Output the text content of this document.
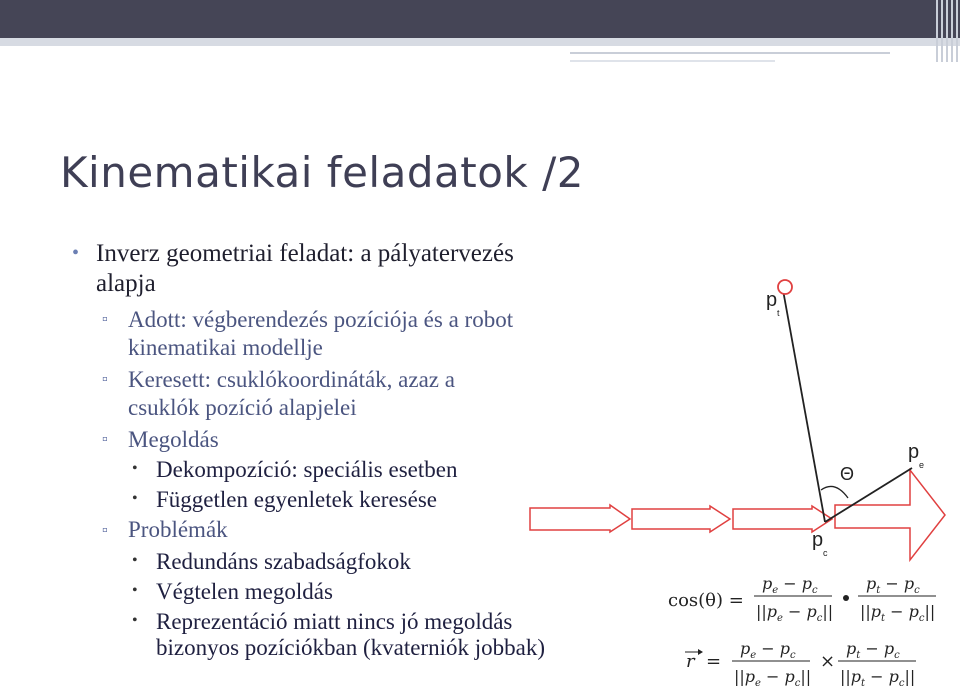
Kinematikai feladatok /2
• Inverz geometriai feladat: a pályatervezés
alapja
▫ Adott: végberendezés pozíciója és a robot
kinematikai modellje
▫ Keresett: csuklókoordináták, azaz a
csuklók pozíció alapjelei
▫ Megoldás
• Dekompozíció: speciális esetben
• Független egyenletek keresése
▫ Problémák
• Redundáns szabadságfokok
• Végtelen megoldás
• Reprezentáció miatt nincs jó megoldás
bizonyos pozíciókban (kvaterniók jobbak)
p
t
p
e
p
c
Θ
cos(θ) =
$p_e - p_c$
$||p_e - p_c||$
$p_t - p_c$
$||p_t - p_c||$
r =
$p_e - p_c$
$||p_e - p_c||$
×
$p_t - p_c$
$||p_t - p_c||$
